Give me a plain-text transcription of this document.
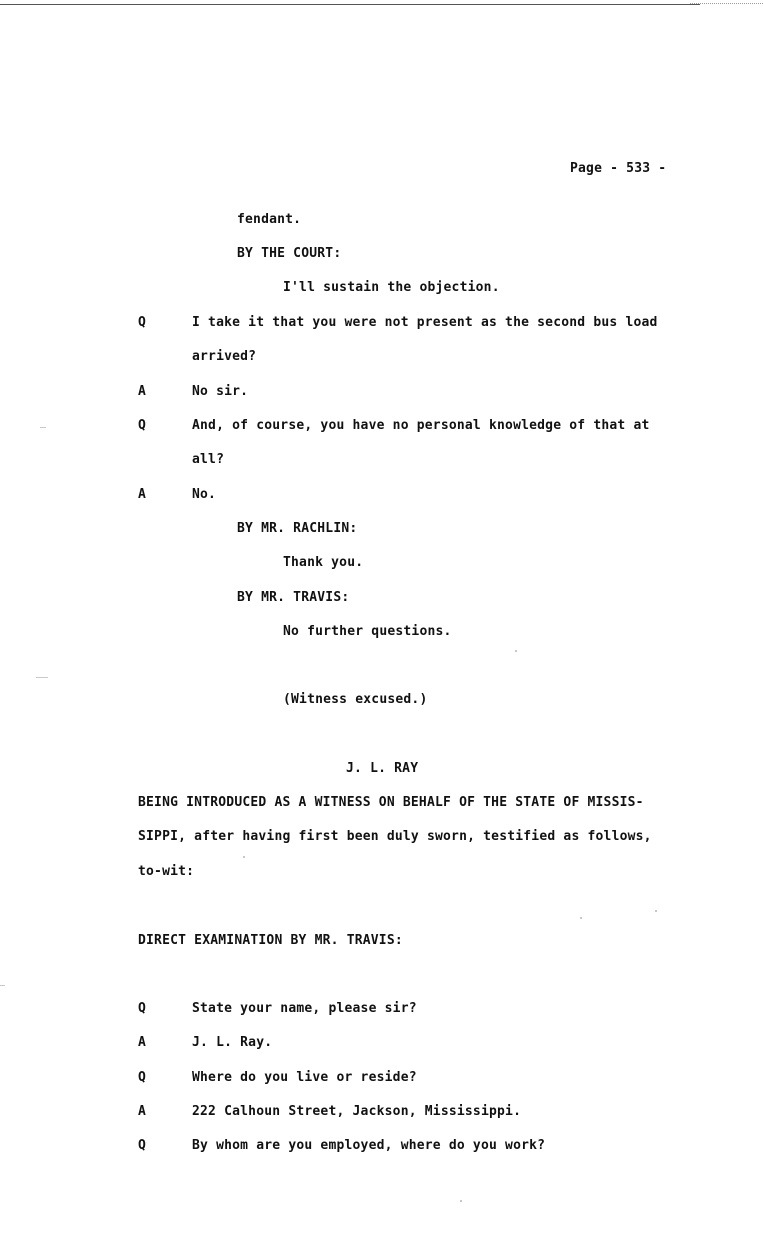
Page - 533 -
fendant.
BY THE COURT:
I'll sustain the objection.
Q	I take it that you were not present as the second bus load
arrived?
A	No sir.
Q	And, of course, you have no personal knowledge of that at
all?
A	No.
BY MR. RACHLIN:
Thank you.
BY MR. TRAVIS:
No further questions.
(Witness excused.)
J. L. RAY
BEING INTRODUCED AS A WITNESS ON BEHALF OF THE STATE OF MISSIS-
SIPPI, after having first been duly sworn, testified as follows,
to-wit:
DIRECT EXAMINATION BY MR. TRAVIS:
Q	State your name, please sir?
A	J. L. Ray.
Q	Where do you live or reside?
A	222 Calhoun Street, Jackson, Mississippi.
Q	By whom are you employed, where do you work?
